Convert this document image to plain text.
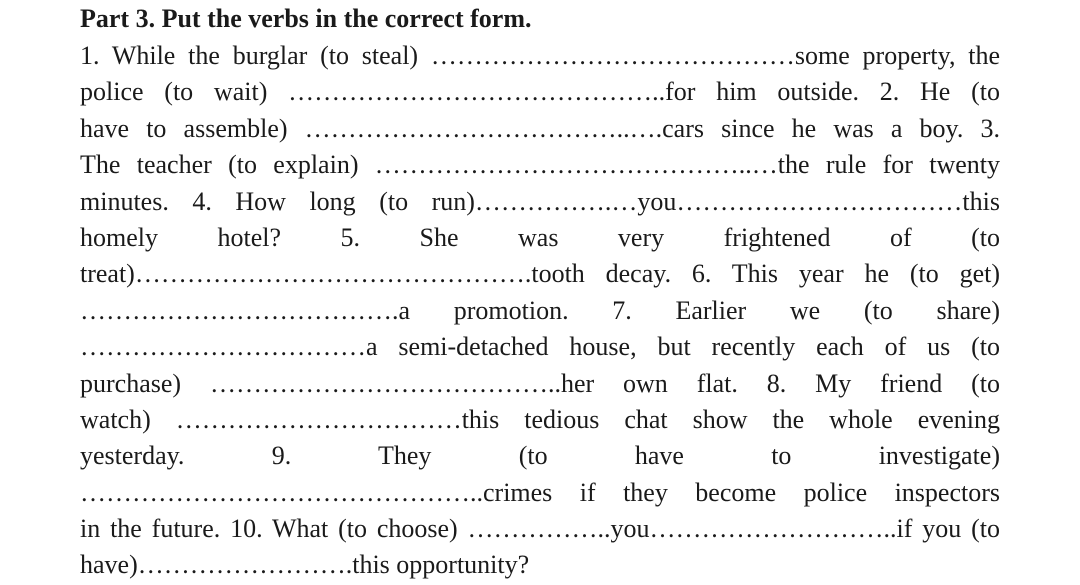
Part 3. Put the verbs in the correct form.
1. While the burglar (to steal) ……………………………………some property, the
police (to wait) ……………………………………..for him outside. 2. He (to
have to assemble) ………………………………..….cars since he was a boy. 3.
The teacher (to explain) ……………………………………..…the rule for twenty
minutes. 4. How long (to run)…………….…you……………………………this
homely hotel? 5. She was very frightened of (to
treat)……………………………………….tooth decay. 6. This year he (to get)
……………………………….a promotion. 7. Earlier we (to share)
……………………………a semi-detached house, but recently each of us (to
purchase) …………………………………..her own flat. 8. My friend (to
watch) ……………………………this tedious chat show the whole evening
yesterday. 9. They (to have to investigate)
………………………………………..crimes if they become police inspectors
in the future. 10. What (to choose) ……………..you………………………..if you (to
have)…………………….this opportunity?
